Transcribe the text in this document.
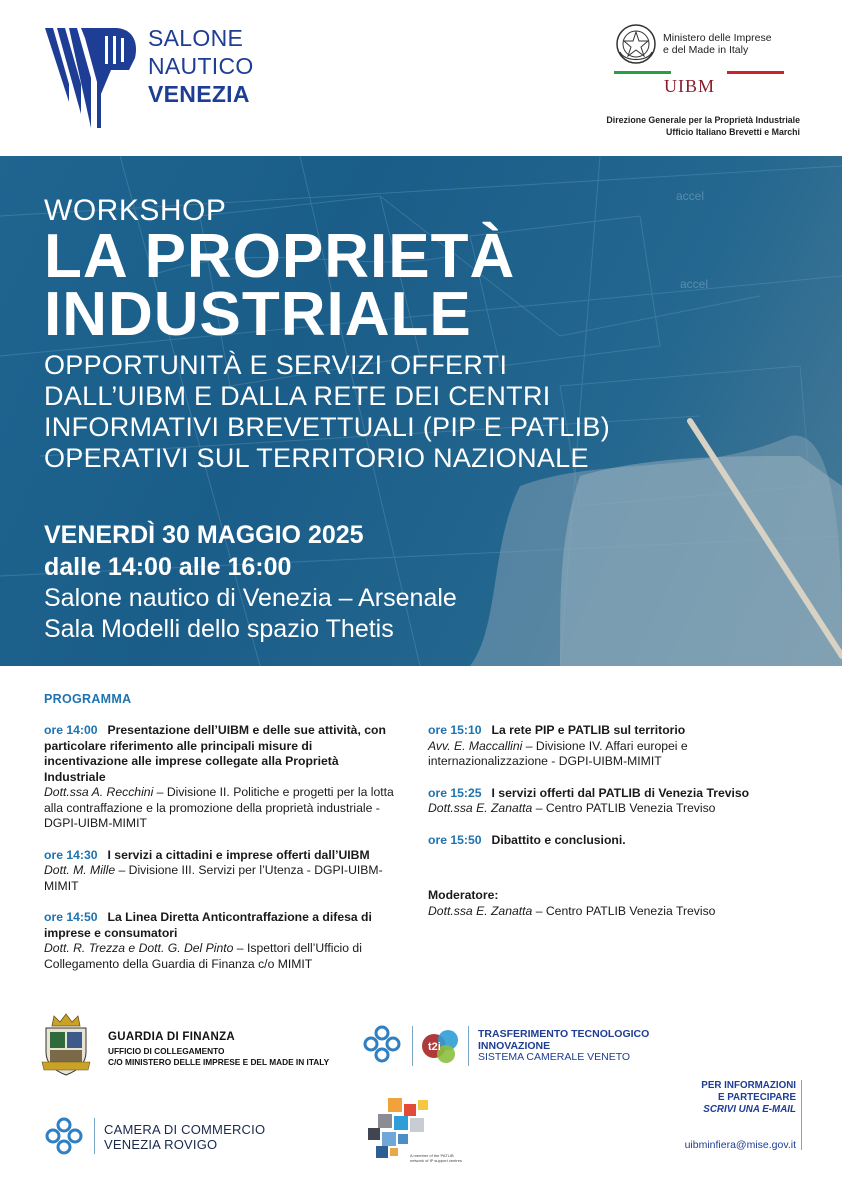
SALONE
NAUTICO
VENEZIA
Ministero delle Imprese
e del Made in Italy
UIBM
Direzione Generale per la Proprietà Industriale
Ufficio Italiano Brevetti e Marchi
accel
accel
WORKSHOP
LA PROPRIETÀ
INDUSTRIALE
OPPORTUNITÀ E SERVIZI OFFERTI
DALL’UIBM E DALLA RETE DEI CENTRI
INFORMATIVI BREVETTUALI (PIP E PATLIB)
OPERATIVI SUL TERRITORIO NAZIONALE
VENERDÌ 30 MAGGIO 2025
dalle 14:00 alle 16:00
Salone nautico di Venezia – Arsenale
Sala Modelli dello spazio Thetis
PROGRAMMA
ore 14:00 Presentazione dell’UIBM e delle sue attività, con particolare riferimento alle principali misure di incentivazione alle imprese collegate alla Proprietà Industriale
Dott.ssa A. Recchini – Divisione II. Politiche e progetti per la lotta alla contraffazione e la promozione della proprietà industriale - DGPI-UIBM-MIMIT
ore 14:30 I servizi a cittadini e imprese offerti dall’UIBM
Dott. M. Mille – Divisione III. Servizi per l’Utenza - DGPI-UIBM-MIMIT
ore 14:50 La Linea Diretta Anticontraffazione a difesa di imprese e consumatori
Dott. R. Trezza e Dott. G. Del Pinto – Ispettori dell’Ufficio di Collegamento della Guardia di Finanza c/o MIMIT
ore 15:10 La rete PIP e PATLIB sul territorio
Avv. E. Maccallini – Divisione IV. Affari europei e internazionalizzazione - DGPI-UIBM-MIMIT
ore 15:25 I servizi offerti dal PATLIB di Venezia Treviso
Dott.ssa E. Zanatta – Centro PATLIB Venezia Treviso
ore 15:50 Dibattito e conclusioni.
Moderatore:
Dott.ssa E. Zanatta – Centro PATLIB Venezia Treviso
GUARDIA DI FINANZA
UFFICIO DI COLLEGAMENTO
C/O MINISTERO DELLE IMPRESE E DEL MADE IN ITALY
t2i
TRASFERIMENTO TECNOLOGICO
INNOVAZIONE
SISTEMA CAMERALE VENETO
CAMERA DI COMMERCIO
VENEZIA ROVIGO
A member of the PATLIB
network of IP support centres
PER INFORMAZIONI
E PARTECIPARE
SCRIVI UNA E-MAIL
uibminfiera@mise.gov.it
